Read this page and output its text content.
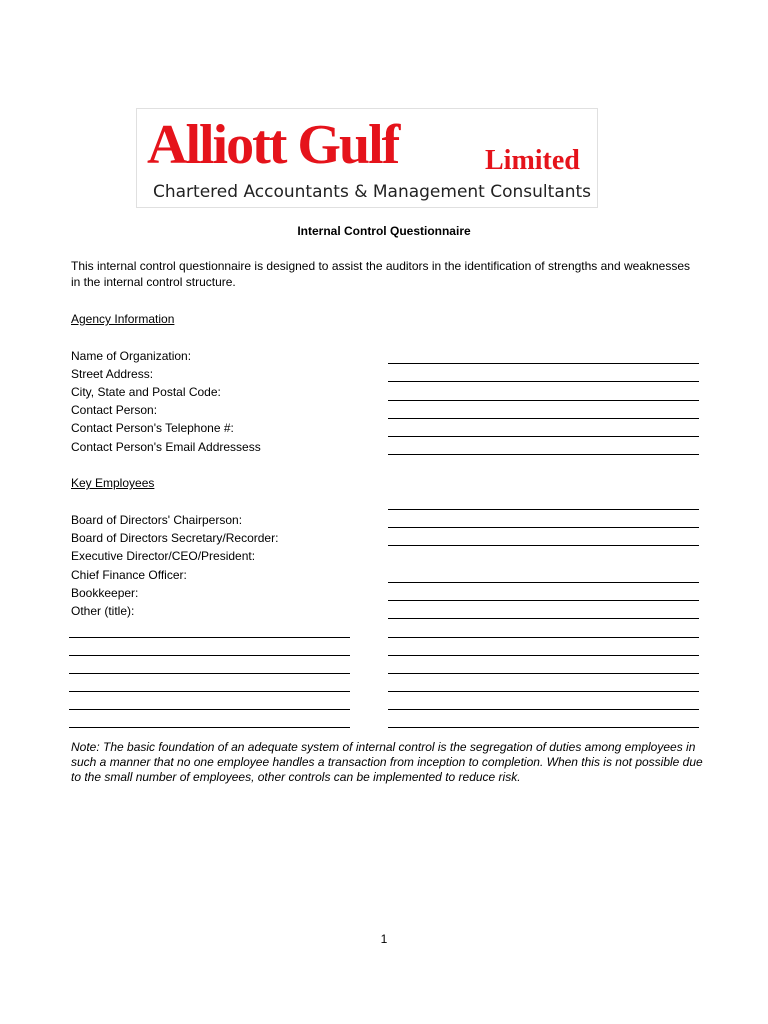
Alliott Gulf	Limited
Chartered Accountants & Management Consultants
Internal Control Questionnaire
This internal control questionnaire is designed to assist the auditors in the identification of strengths and weaknesses in the internal control structure.
Agency Information
Name of Organization:
Street Address:
City, State and Postal Code:
Contact Person:
Contact Person's Telephone #:
Contact Person's Email Addressess
Key Employees
Board of Directors' Chairperson:
Board of Directors Secretary/Recorder:
Executive Director/CEO/President:
Chief Finance Officer:
Bookkeeper:
Other (title):
Note: The basic foundation of an adequate system of internal control is the segregation of duties among employees in such a manner that no one employee handles a transaction from inception to completion. When this is not possible due to the small number of employees, other controls can be implemented to reduce risk.
1
